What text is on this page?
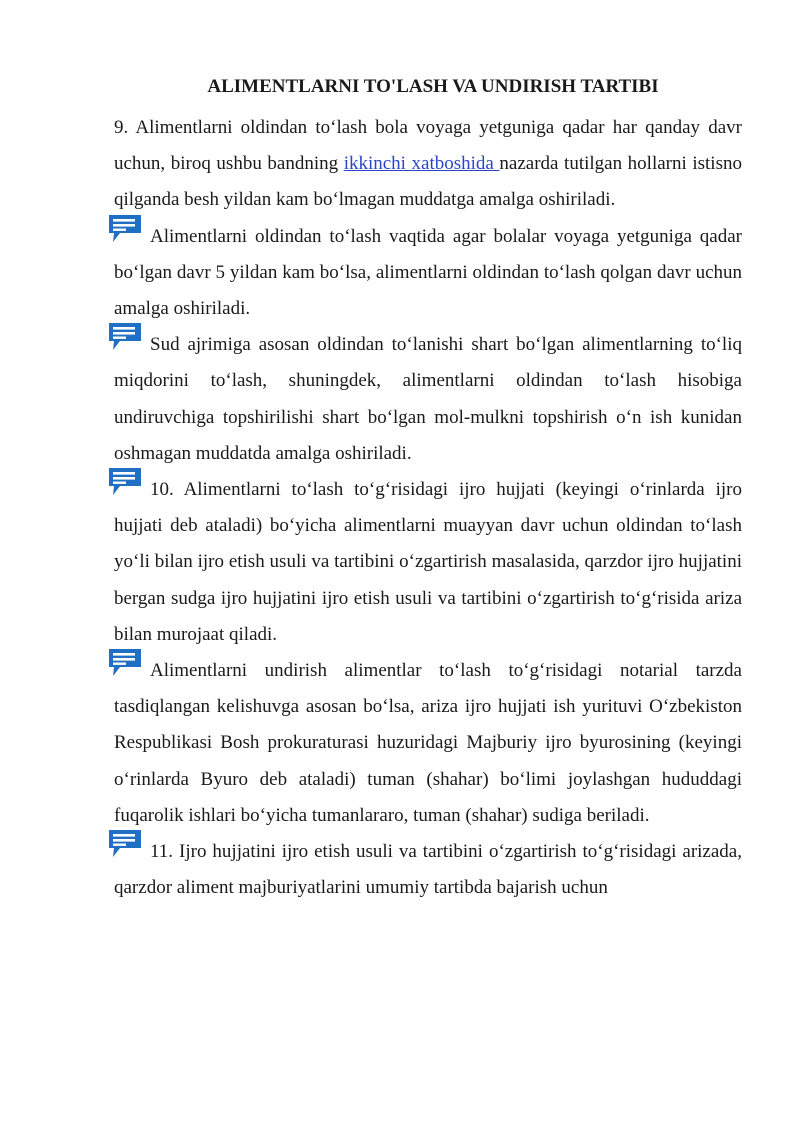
ALIMENTLARNI TO'LASH VA UNDIRISH TARTIBI

9. Alimentlarni oldindan to‘lash bola voyaga yetguniga qadar har qanday davr uchun, biroq ushbu bandning ikkinchi xatboshida nazarda tutilgan hollarni istisno qilganda besh yildan kam bo‘lmagan muddatga amalga oshiriladi.

Alimentlarni oldindan to‘lash vaqtida agar bolalar voyaga yetguniga qadar bo‘lgan davr 5 yildan kam bo‘lsa, alimentlarni oldindan to‘lash qolgan davr uchun amalga oshiriladi.

Sud ajrimiga asosan oldindan to‘lanishi shart bo‘lgan alimentlarning to‘liq miqdorini to‘lash, shuningdek, alimentlarni oldindan to‘lash hisobiga undiruvchiga topshirilishi shart bo‘lgan mol-mulkni topshirish o‘n ish kunidan oshmagan muddatda amalga oshiriladi.

10. Alimentlarni to‘lash to‘g‘risidagi ijro hujjati (keyingi o‘rinlarda ijro hujjati deb ataladi) bo‘yicha alimentlarni muayyan davr uchun oldindan to‘lash yo‘li bilan ijro etish usuli va tartibini o‘zgartirish masalasida, qarzdor ijro hujjatini bergan sudga ijro hujjatini ijro etish usuli va tartibini o‘zgartirish to‘g‘risida ariza bilan murojaat qiladi.

Alimentlarni undirish alimentlar to‘lash to‘g‘risidagi notarial tarzda tasdiqlangan kelishuvga asosan bo‘lsa, ariza ijro hujjati ish yurituvi O‘zbekiston Respublikasi Bosh prokuraturasi huzuridagi Majburiy ijro byurosining (keyingi o‘rinlarda Byuro deb ataladi) tuman (shahar) bo‘limi joylashgan hududdagi fuqarolik ishlari bo‘yicha tumanlararo, tuman (shahar) sudiga beriladi.

11. Ijro hujjatini ijro etish usuli va tartibini o‘zgartirish to‘g‘risidagi arizada, qarzdor aliment majburiyatlarini umumiy tartibda bajarish uchun
